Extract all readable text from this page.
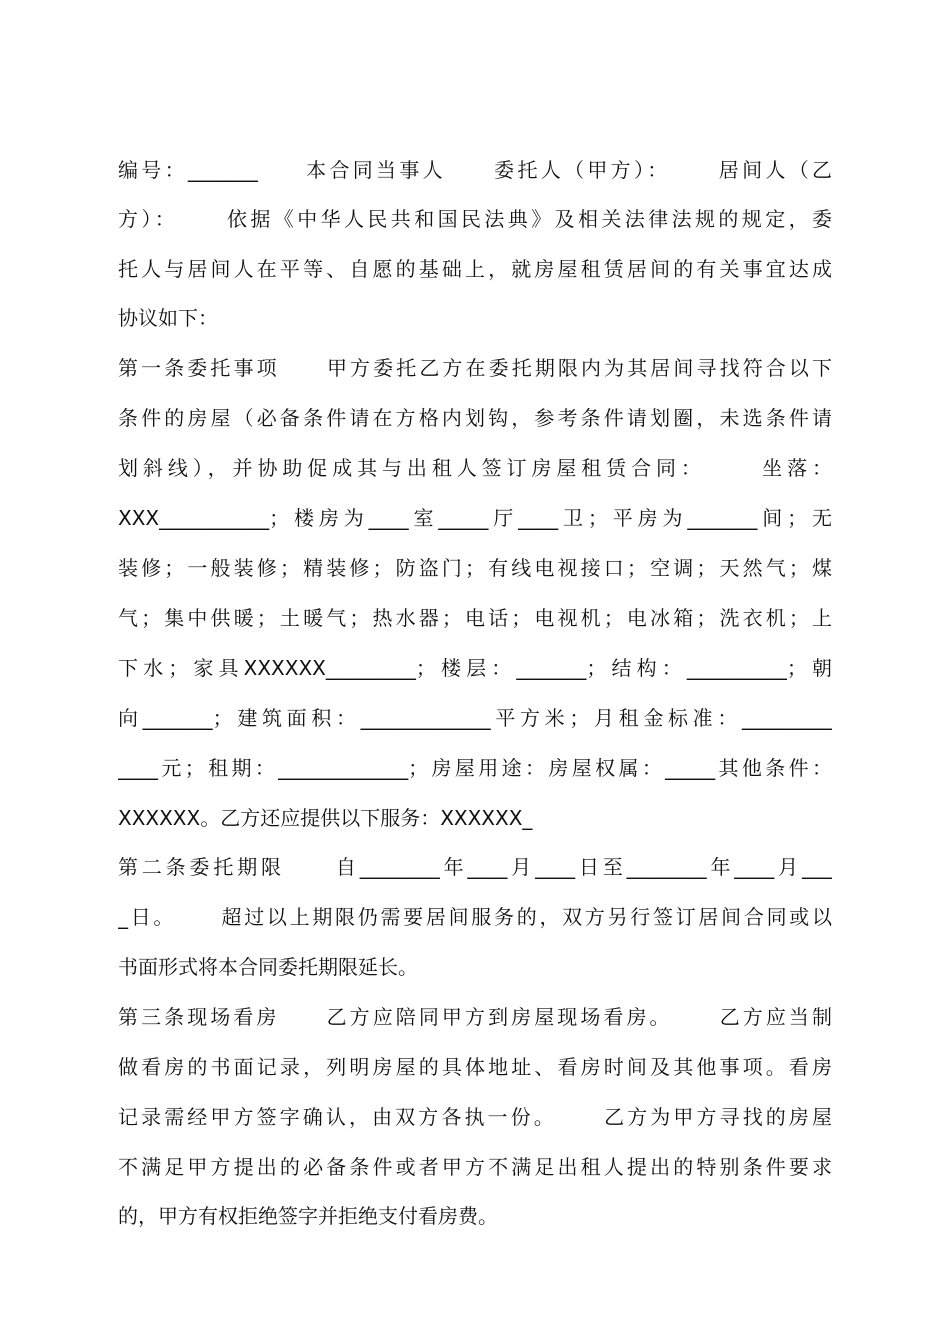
编号：_______     本合同当事人     委托人（甲方）：     居间人（乙
方）：     依据《中华人民共和国民法典》及相关法律法规的规定，委
托人与居间人在平等、自愿的基础上，就房屋租赁居间的有关事宜达成
协议如下：
第一条委托事项     甲方委托乙方在委托期限内为其居间寻找符合以下
条件的房屋（必备条件请在方格内划钩，参考条件请划圈，未选条件请
划斜线），并协助促成其与出租人签订房屋租赁合同：     坐落：
XXX___________；楼房为____室_____厅____卫；平房为_______间；无
装修；一般装修；精装修；防盗门；有线电视接口；空调；天然气；煤
气；集中供暖；土暖气；热水器；电话；电视机；电冰箱；洗衣机；上
下水；家具XXXXXX_________；楼层：_______；结构：__________；朝
向_______；建筑面积：_____________平方米；月租金标准：_________
____元；租期：_____________；房屋用途：房屋权属：_____其他条件：
XXXXXX。乙方还应提供以下服务：XXXXXX_
第二条委托期限     自________年____月____日至________年____月___
_日。     超过以上期限仍需要居间服务的，双方另行签订居间合同或以
书面形式将本合同委托期限延长。
第三条现场看房     乙方应陪同甲方到房屋现场看房。     乙方应当制
做看房的书面记录，列明房屋的具体地址、看房时间及其他事项。看房
记录需经甲方签字确认，由双方各执一份。     乙方为甲方寻找的房屋
不满足甲方提出的必备条件或者甲方不满足出租人提出的特别条件要求
的，甲方有权拒绝签字并拒绝支付看房费。
